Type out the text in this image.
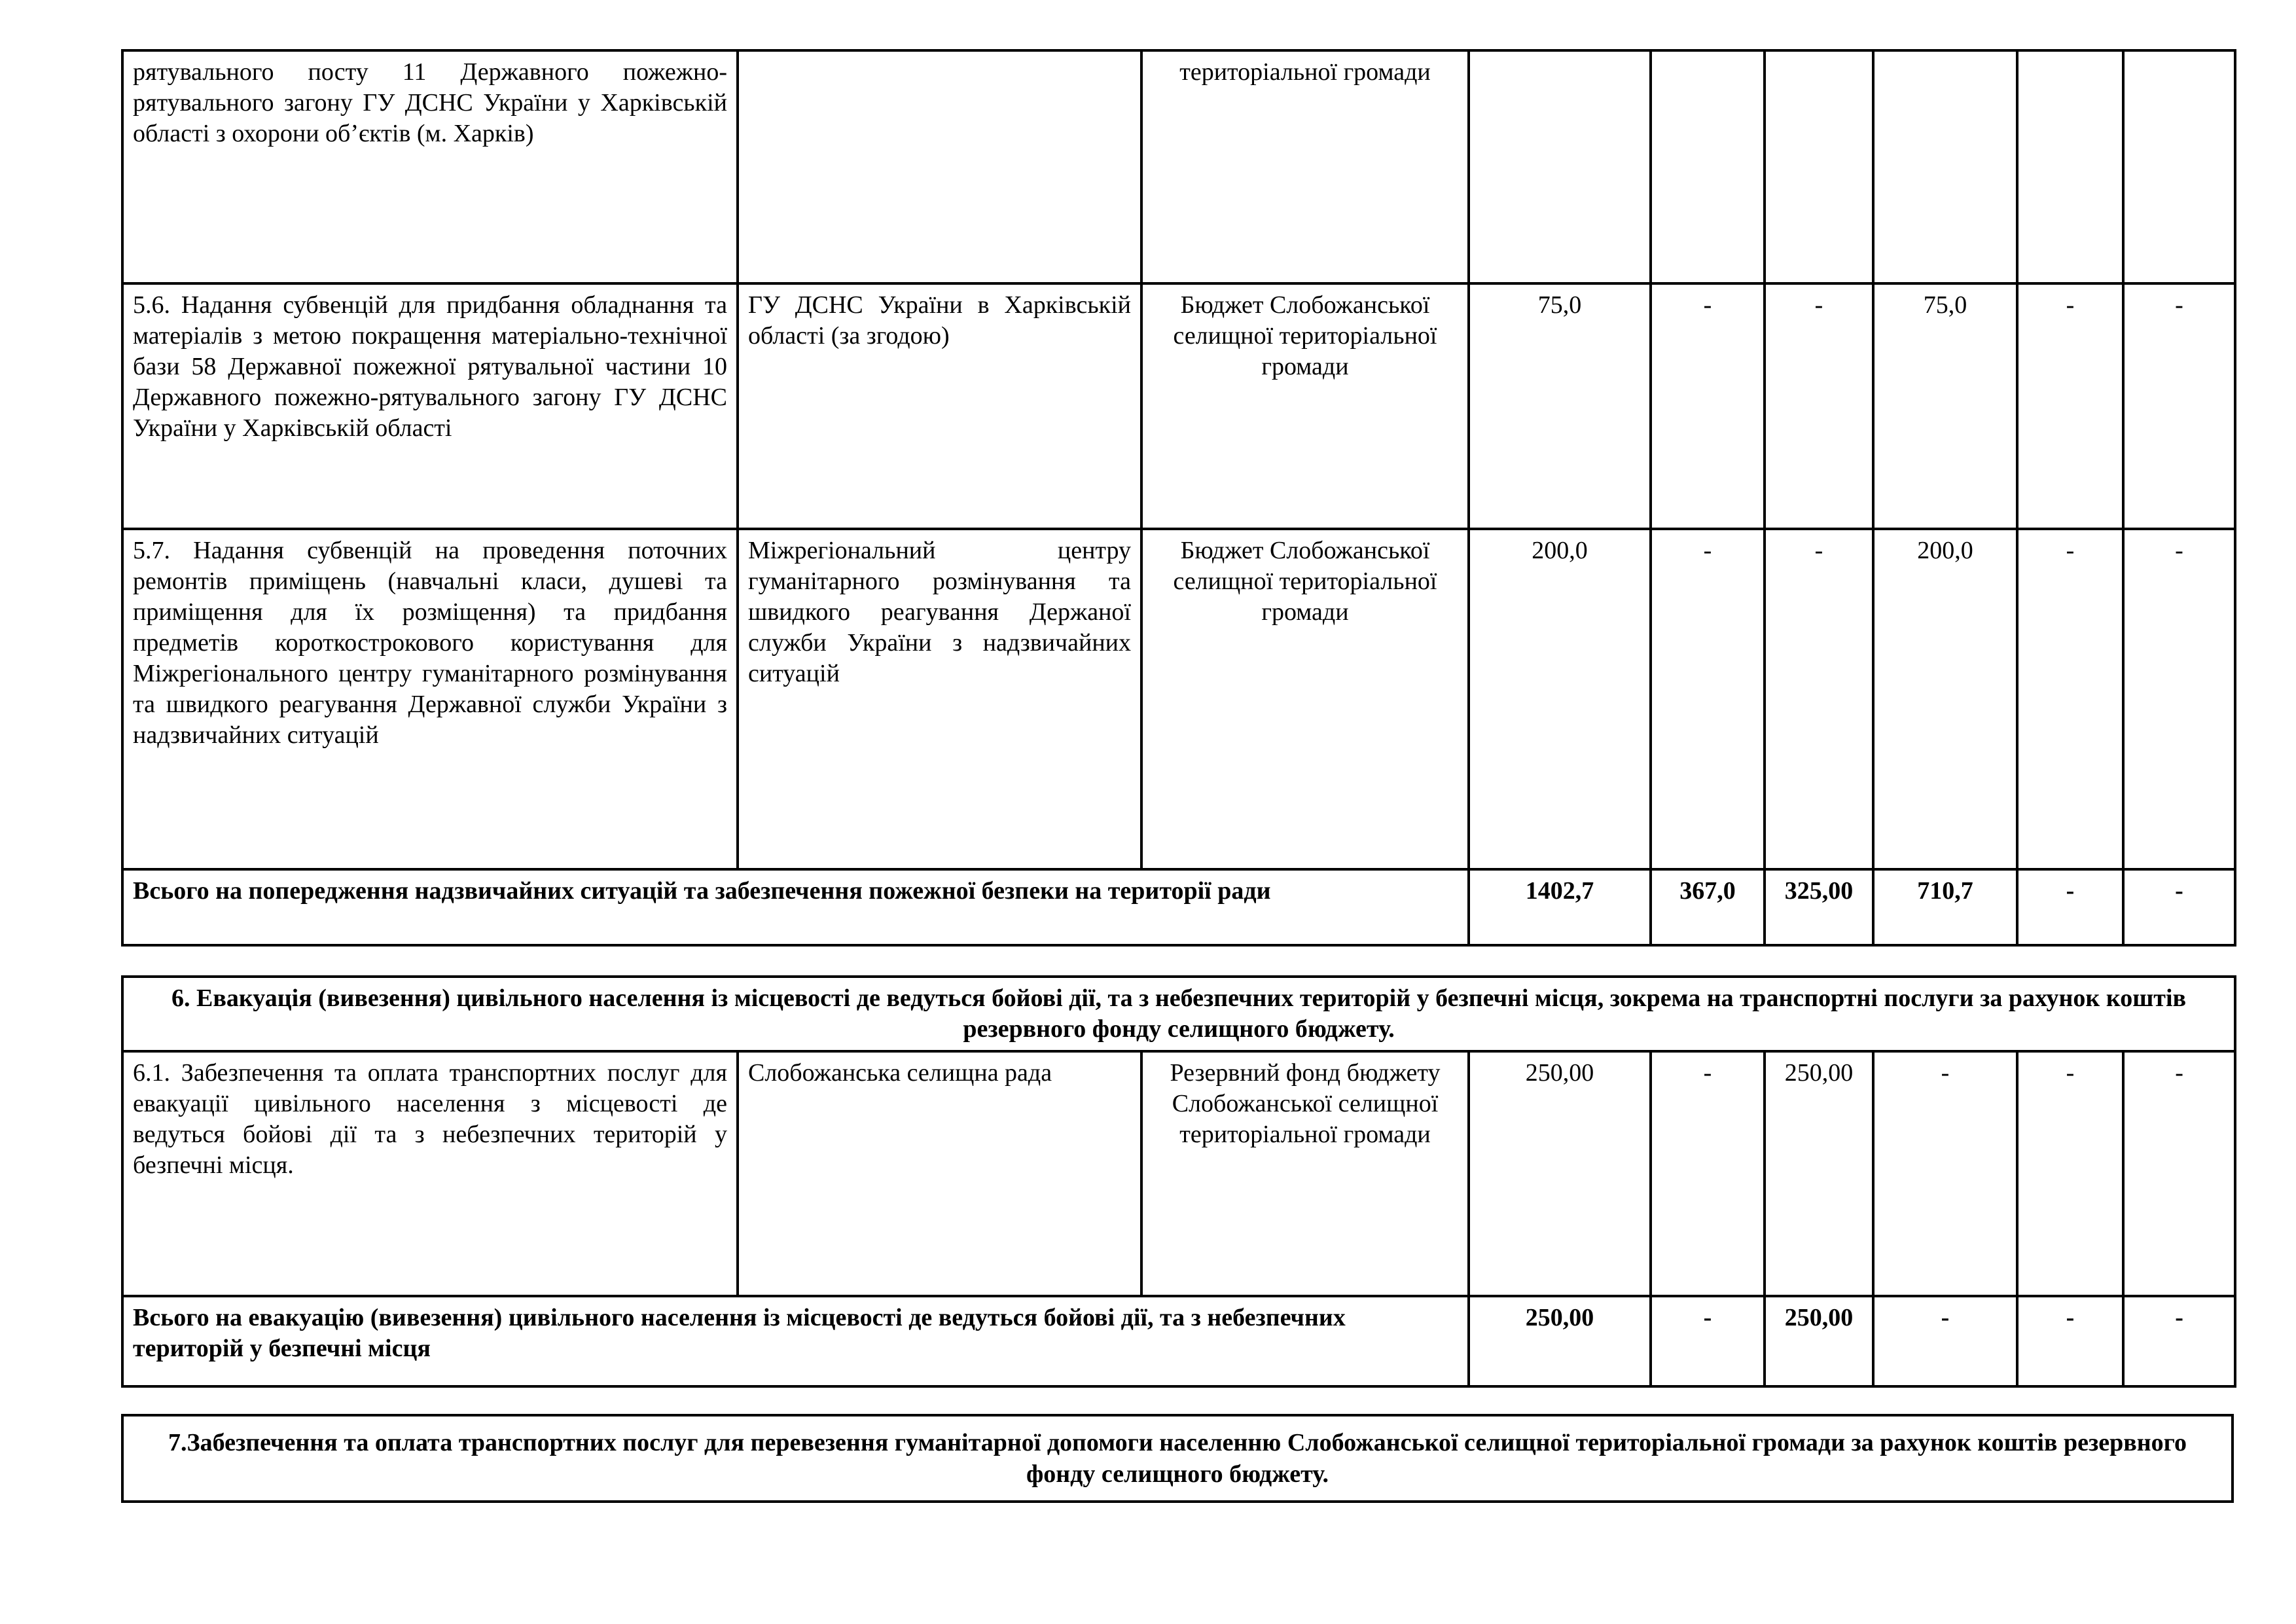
рятувального посту 11 Державного пожежно-рятувального загону ГУ ДСНС України у Харківській області з охорони об’єктів (м. Харків)		територіальної громади						
5.6. Надання субвенцій для придбання обладнання та матеріалів з метою покращення матеріально-технічної бази 58 Державної пожежної рятувальної частини 10 Державного пожежно-рятувального загону ГУ ДСНС України у Харківській області	ГУ ДСНС України в Харківській області (за згодою)	Бюджет Слобожанської селищної територіальної громади	75,0	-	-	75,0	-	-
5.7. Надання субвенцій на проведення поточних ремонтів приміщень (навчальні класи, душеві та приміщення для їх розміщення) та придбання предметів короткострокового користування для Міжрегіонального центру гуманітарного розмінування та швидкого реагування Державної служби України з надзвичайних ситуацій	Міжрегіональний центру гуманітарного розмінування та швидкого реагування Держаної служби України з надзвичайних ситуацій	Бюджет Слобожанської селищної територіальної громади	200,0	-	-	200,0	-	-
Всього на попередження надзвичайних ситуацій та забезпечення пожежної безпеки на території ради			1402,7	367,0	325,00	710,7	-	-
6. Евакуація (вивезення) цивільного населення із місцевості де ведуться бойові дії, та з небезпечних територій у безпечні місця, зокрема на транспортні послуги за рахунок коштів резервного фонду селищного бюджету.								
6.1. Забезпечення та оплата транспортних послуг для евакуації цивільного населення з місцевості де ведуться бойові дії та з небезпечних територій у безпечні місця.	Слобожанська селищна рада	Резервний фонд бюджету Слобожанської селищної територіальної громади	250,00	-	250,00	-	-	-
Всього на евакуацію (вивезення) цивільного населення із місцевості де ведуться бойові дії, та з небезпечних територій у безпечні місця			250,00	-	250,00	-	-	-
7.Забезпечення та оплата транспортних послуг для перевезення гуманітарної допомоги населенню Слобожанської селищної територіальної громади за рахунок коштів резервного фонду селищного бюджету.
